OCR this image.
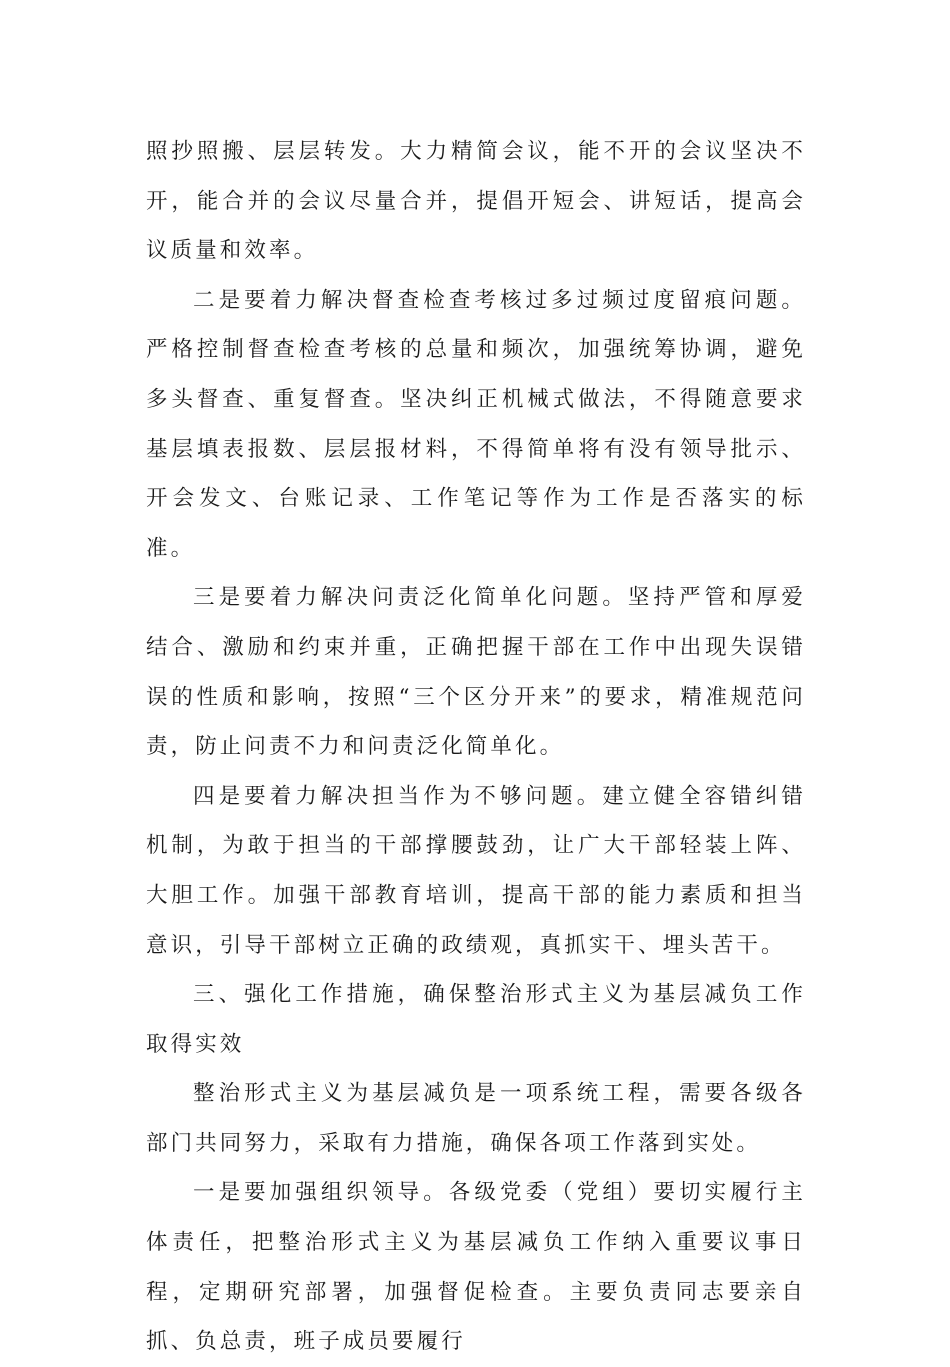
照抄照搬、层层转发。大力精简会议，能不开的会议坚决不开，能合并的会议尽量合并，提倡开短会、讲短话，提高会议质量和效率。

二是要着力解决督查检查考核过多过频过度留痕问题。严格控制督查检查考核的总量和频次，加强统筹协调，避免多头督查、重复督查。坚决纠正机械式做法，不得随意要求基层填表报数、层层报材料，不得简单将有没有领导批示、开会发文、台账记录、工作笔记等作为工作是否落实的标准。

三是要着力解决问责泛化简单化问题。坚持严管和厚爱结合、激励和约束并重，正确把握干部在工作中出现失误错误的性质和影响，按照“三个区分开来”的要求，精准规范问责，防止问责不力和问责泛化简单化。

四是要着力解决担当作为不够问题。建立健全容错纠错机制，为敢于担当的干部撑腰鼓劲，让广大干部轻装上阵、大胆工作。加强干部教育培训，提高干部的能力素质和担当意识，引导干部树立正确的政绩观，真抓实干、埋头苦干。

三、强化工作措施，确保整治形式主义为基层减负工作取得实效

整治形式主义为基层减负是一项系统工程，需要各级各部门共同努力，采取有力措施，确保各项工作落到实处。

一是要加强组织领导。各级党委（党组）要切实履行主体责任，把整治形式主义为基层减负工作纳入重要议事日程，定期研究部署，加强督促检查。主要负责同志要亲自抓、负总责，班子成员要履行
